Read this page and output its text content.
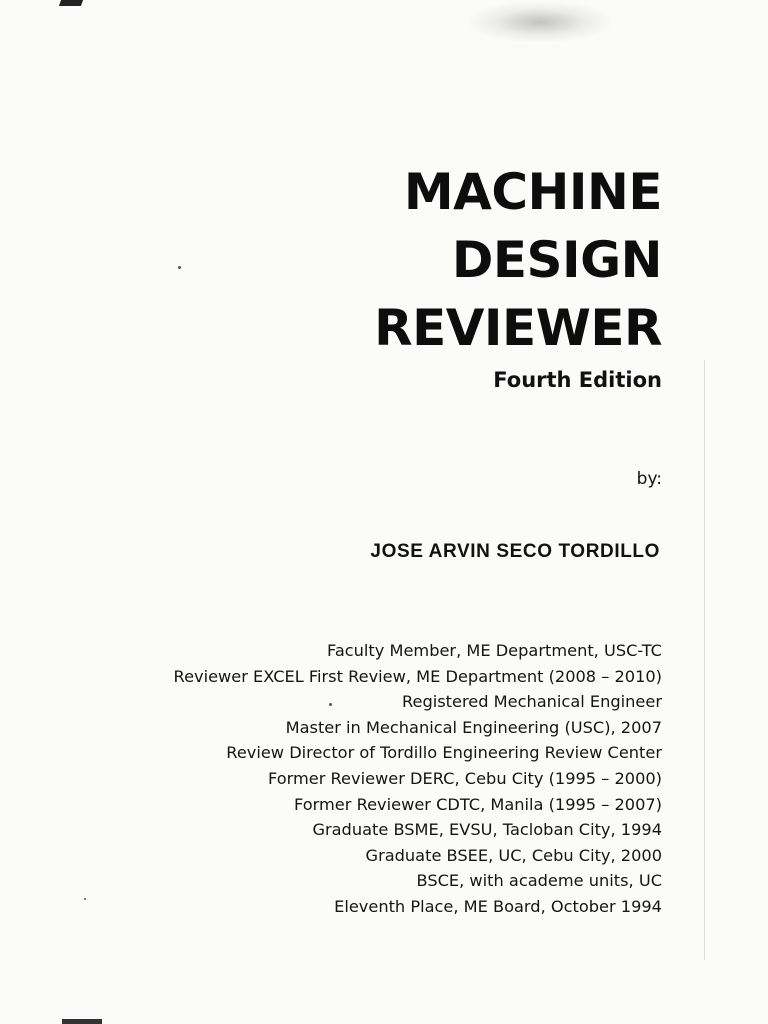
MACHINE
DESIGN
REVIEWER
Fourth Edition
by:
JOSE ARVIN SECO TORDILLO
Faculty Member, ME Department, USC-TC
Reviewer EXCEL First Review, ME Department (2008 – 2010)
Registered Mechanical Engineer
Master in Mechanical Engineering (USC), 2007
Review Director of Tordillo Engineering Review Center
Former Reviewer DERC, Cebu City (1995 – 2000)
Former Reviewer CDTC, Manila (1995 – 2007)
Graduate BSME, EVSU, Tacloban City, 1994
Graduate BSEE, UC, Cebu City, 2000
BSCE, with academe units, UC
Eleventh Place, ME Board, October 1994
